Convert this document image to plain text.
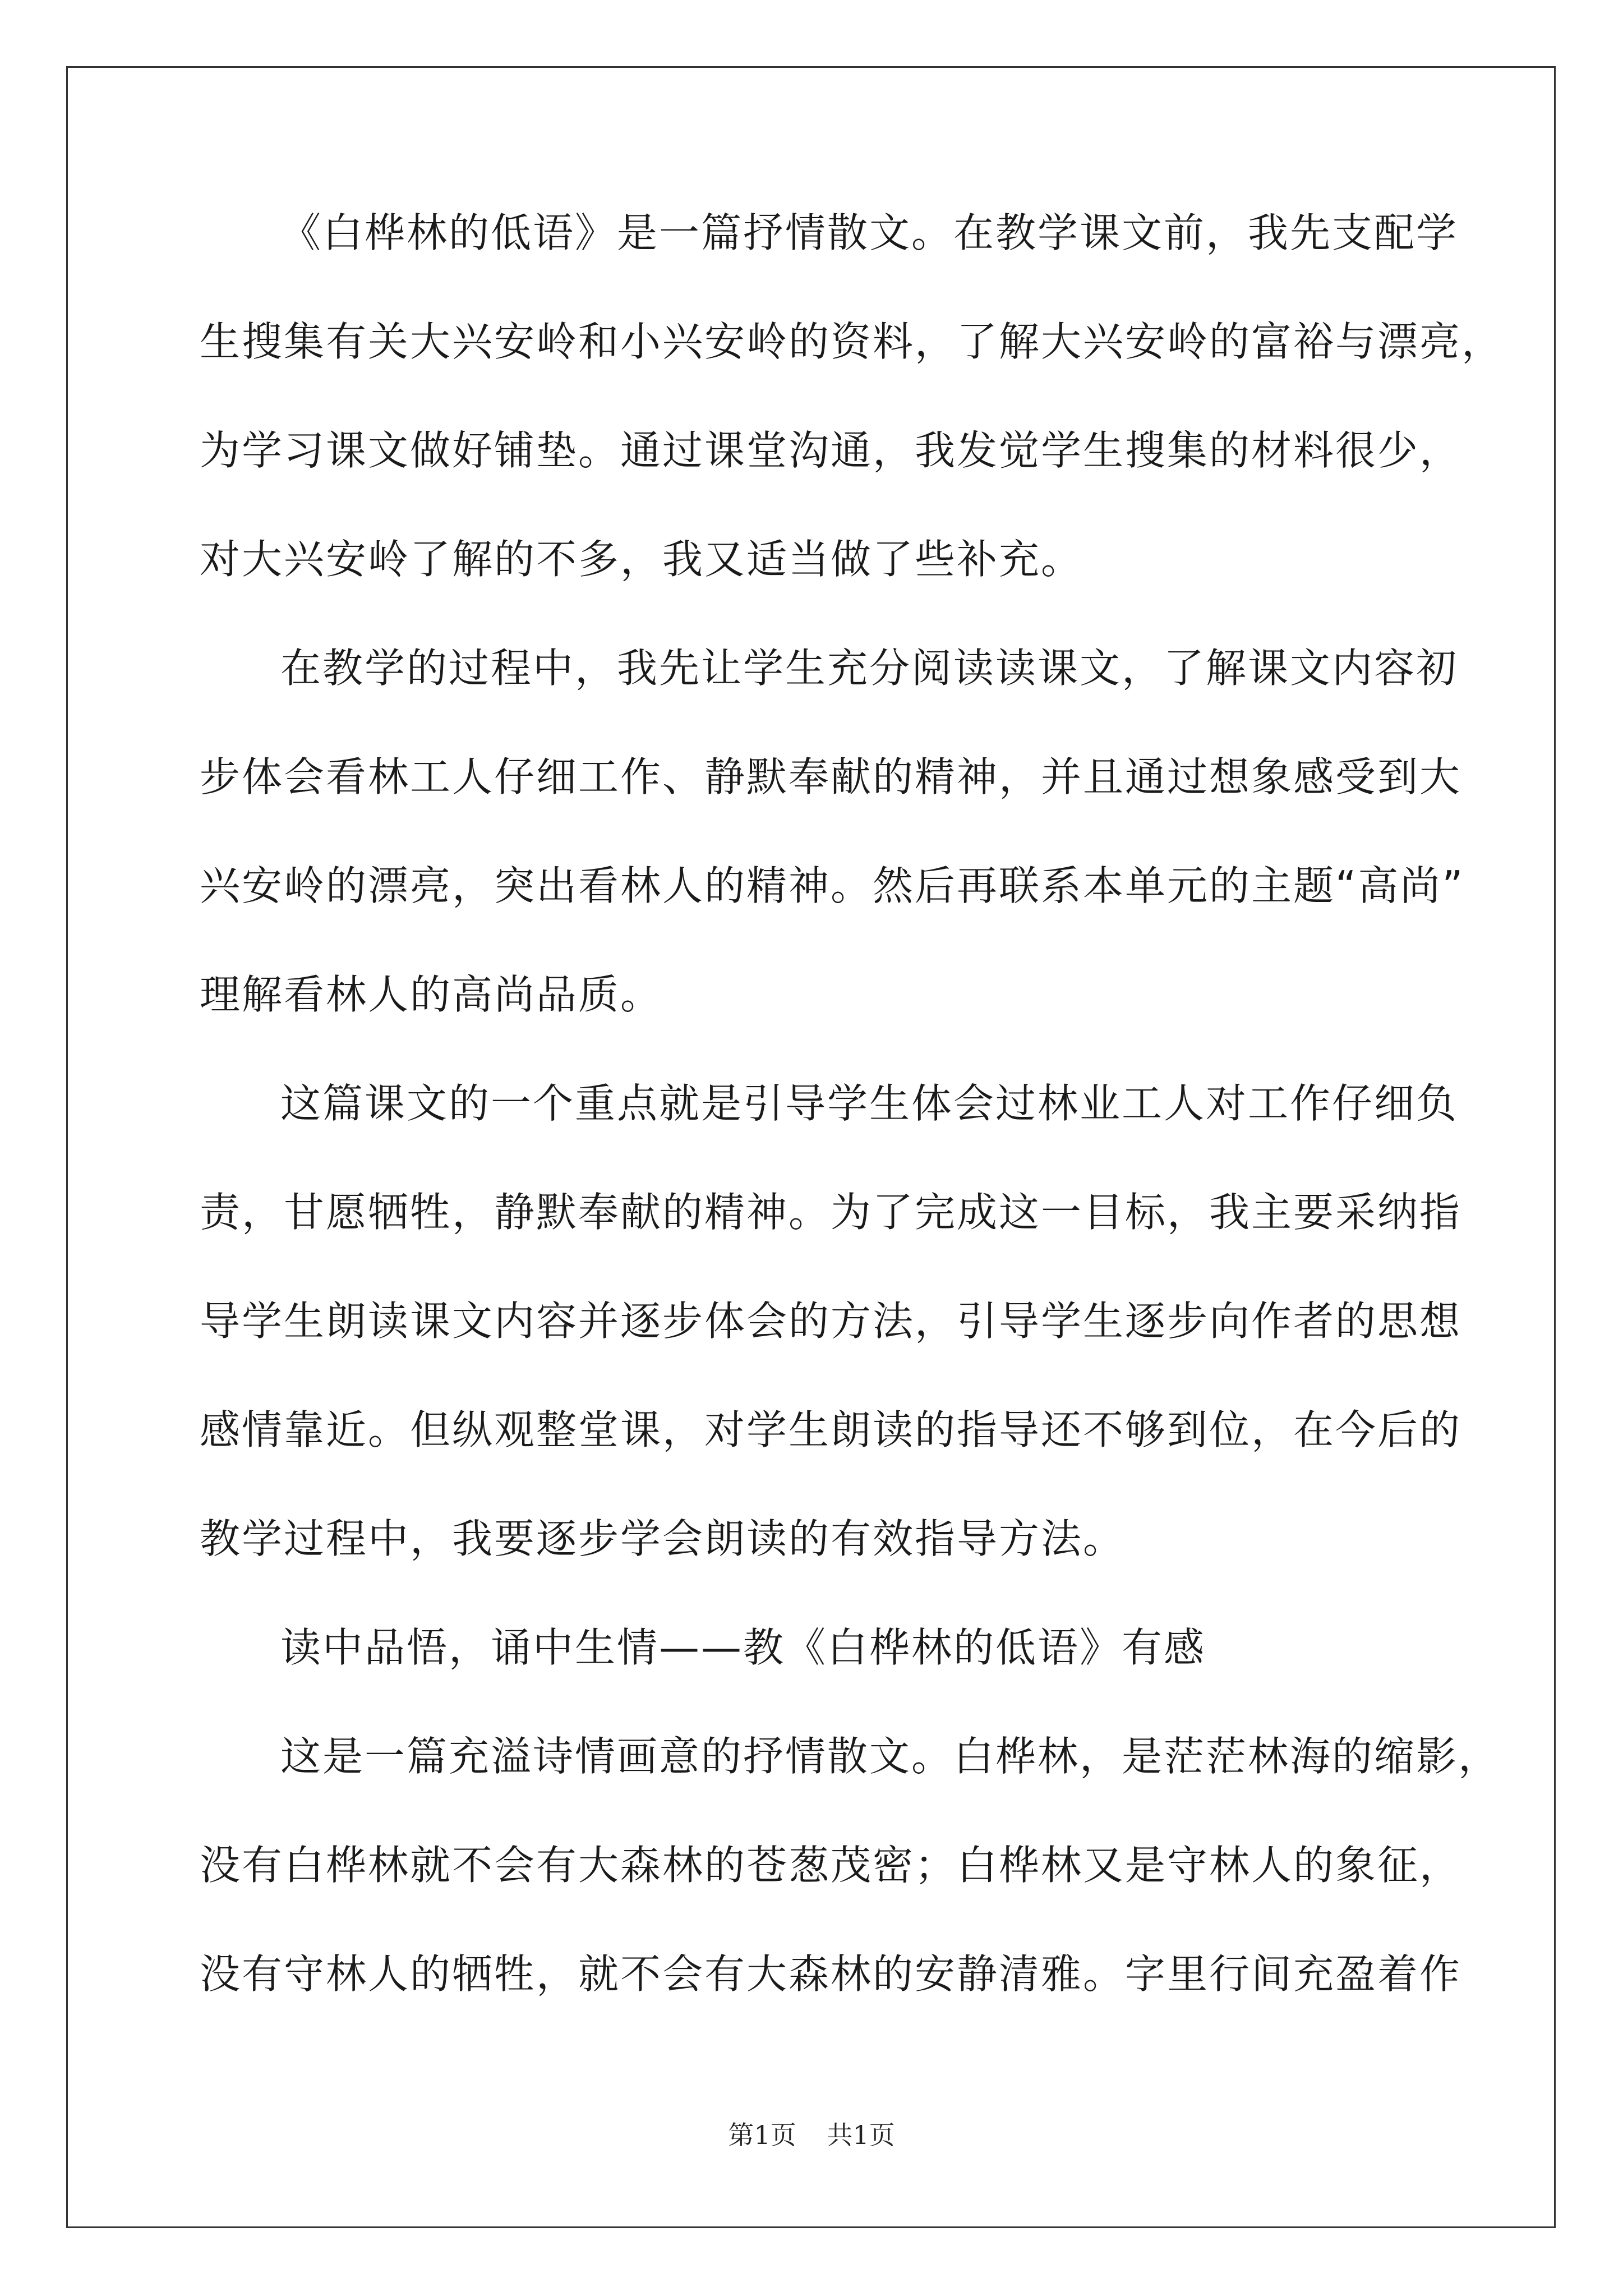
《白桦林的低语》是一篇抒情散文。在教学课文前，我先支配学
生搜集有关大兴安岭和小兴安岭的资料，了解大兴安岭的富裕与漂亮，
为学习课文做好铺垫。通过课堂沟通，我发觉学生搜集的材料很少，
对大兴安岭了解的不多，我又适当做了些补充。
在教学的过程中，我先让学生充分阅读读课文，了解课文内容初
步体会看林工人仔细工作、静默奉献的精神，并且通过想象感受到大
兴安岭的漂亮，突出看林人的精神。然后再联系本单元的主题“高尚”
理解看林人的高尚品质。
这篇课文的一个重点就是引导学生体会过林业工人对工作仔细负
责，甘愿牺牲，静默奉献的精神。为了完成这一目标，我主要采纳指
导学生朗读课文内容并逐步体会的方法，引导学生逐步向作者的思想
感情靠近。但纵观整堂课，对学生朗读的指导还不够到位，在今后的
教学过程中，我要逐步学会朗读的有效指导方法。
读中品悟，诵中生情——教《白桦林的低语》有感
这是一篇充溢诗情画意的抒情散文。白桦林，是茫茫林海的缩影，
没有白桦林就不会有大森林的苍葱茂密；白桦林又是守林人的象征，
没有守林人的牺牲，就不会有大森林的安静清雅。字里行间充盈着作
第1页 共1页
